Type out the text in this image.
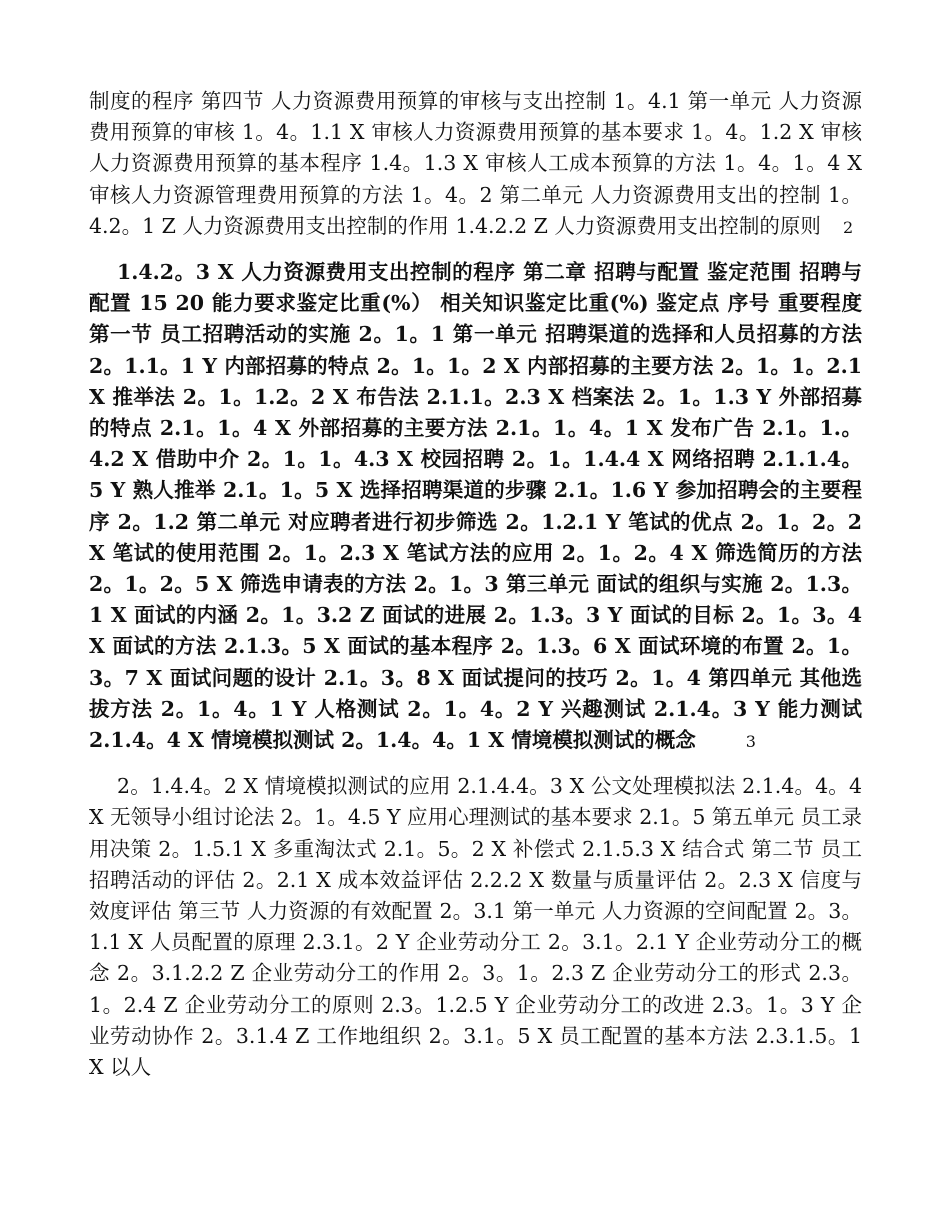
制度的程序 第四节 人力资源费用预算的审核与支出控制 1。4.1 第一单元 人力资源费用预算的审核 1。4。1.1 X 审核人力资源费用预算的基本要求 1。4。1.2 X 审核人力资源费用预算的基本程序 1.4。1.3 X 审核人工成本预算的方法 1。4。1。4 X 审核人力资源管理费用预算的方法 1。4。2 第二单元 人力资源费用支出的控制 1。4.2。1 Z 人力资源费用支出控制的作用 1.4.2.2 Z 人力资源费用支出控制的原则 2

1.4.2。3 X 人力资源费用支出控制的程序 第二章 招聘与配置 鉴定范围 招聘与配置 15 20 能力要求鉴定比重(%） 相关知识鉴定比重(%) 鉴定点 序号 重要程度 第一节 员工招聘活动的实施 2。1。1 第一单元 招聘渠道的选择和人员招募的方法 2。1.1。1 Y 内部招募的特点 2。1。1。2 X 内部招募的主要方法 2。1。1。2.1 X 推举法 2。1。1.2。2 X 布告法 2.1.1。2.3 X 档案法 2。1。1.3 Y 外部招募的特点 2.1。1。4 X 外部招募的主要方法 2.1。1。4。1 X 发布广告 2.1。1.。4.2 X 借助中介 2。1。1。4.3 X 校园招聘 2。1。1.4.4 X 网络招聘 2.1.1.4。5 Y 熟人推举 2.1。1。5 X 选择招聘渠道的步骤 2.1。1.6 Y 参加招聘会的主要程序 2。1.2 第二单元 对应聘者进行初步筛选 2。1.2.1 Y 笔试的优点 2。1。2。2 X 笔试的使用范围 2。1。2.3 X 笔试方法的应用 2。1。2。4 X 筛选简历的方法 2。1。2。5 X 筛选申请表的方法 2。1。3 第三单元 面试的组织与实施 2。1.3。1 X 面试的内涵 2。1。3.2 Z 面试的进展 2。1.3。3 Y 面试的目标 2。1。3。4 X 面试的方法 2.1.3。5 X 面试的基本程序 2。1.3。6 X 面试环境的布置 2。1。3。7 X 面试问题的设计 2.1。3。8 X 面试提问的技巧 2。1。4 第四单元 其他选拔方法 2。1。4。1 Y 人格测试 2。1。4。2 Y 兴趣测试 2.1.4。3 Y 能力测试 2.1.4。4 X 情境模拟测试 2。1.4。4。1 X 情境模拟测试的概念	3

2。1.4.4。2 X 情境模拟测试的应用 2.1.4.4。3 X 公文处理模拟法 2.1.4。4。4 X 无领导小组讨论法 2。1。4.5 Y 应用心理测试的基本要求 2.1。5 第五单元 员工录用决策 2。1.5.1 X 多重淘汰式 2.1。5。2 X 补偿式 2.1.5.3 X 结合式 第二节 员工招聘活动的评估 2。2.1 X 成本效益评估 2.2.2 X 数量与质量评估 2。2.3 X 信度与效度评估 第三节 人力资源的有效配置 2。3.1 第一单元 人力资源的空间配置 2。3。1.1 X 人员配置的原理 2.3.1。2 Y 企业劳动分工 2。3.1。2.1 Y 企业劳动分工的概念 2。3.1.2.2 Z 企业劳动分工的作用 2。3。1。2.3 Z 企业劳动分工的形式 2.3。1。2.4 Z 企业劳动分工的原则 2.3。1.2.5 Y 企业劳动分工的改进 2.3。1。3 Y 企业劳动协作 2。3.1.4 Z 工作地组织 2。3.1。5 X 员工配置的基本方法 2.3.1.5。1 X 以人
